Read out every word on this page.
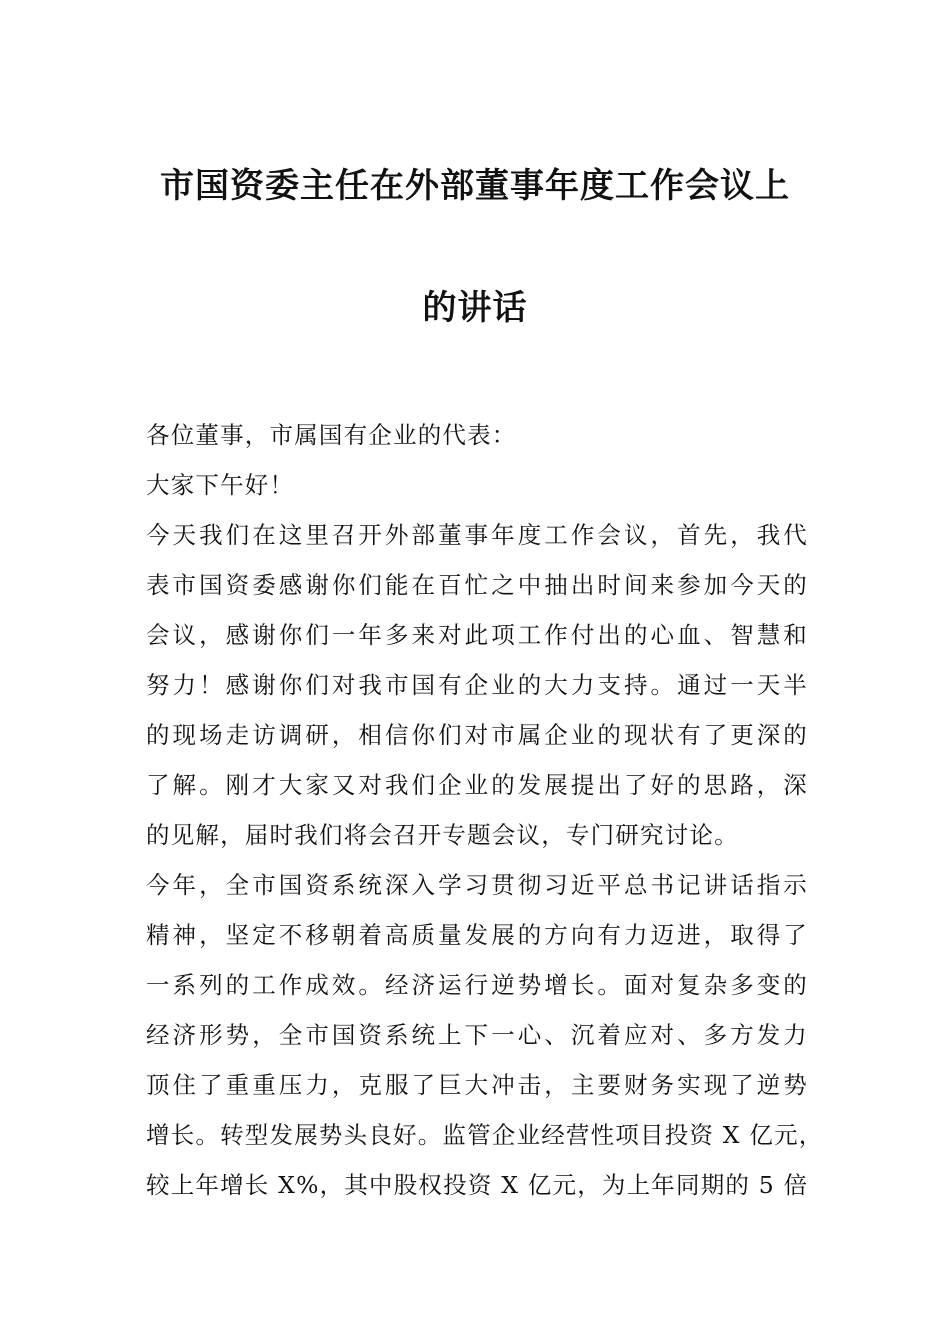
市国资委主任在外部董事年度工作会议上
的讲话
各位董事，市属国有企业的代表：
大家下午好！
今天我们在这里召开外部董事年度工作会议，首先，我代
表市国资委感谢你们能在百忙之中抽出时间来参加今天的
会议，感谢你们一年多来对此项工作付出的心血、智慧和
努力！感谢你们对我市国有企业的大力支持。通过一天半
的现场走访调研，相信你们对市属企业的现状有了更深的
了解。刚才大家又对我们企业的发展提出了好的思路，深
的见解，届时我们将会召开专题会议，专门研究讨论。
今年，全市国资系统深入学习贯彻习近平总书记讲话指示
精神，坚定不移朝着高质量发展的方向有力迈进，取得了
一系列的工作成效。经济运行逆势增长。面对复杂多变的
经济形势，全市国资系统上下一心、沉着应对、多方发力
顶住了重重压力，克服了巨大冲击，主要财务实现了逆势
增长。转型发展势头良好。监管企业经营性项目投资 X 亿元，
较上年增长 X%，其中股权投资 X 亿元，为上年同期的 5 倍
